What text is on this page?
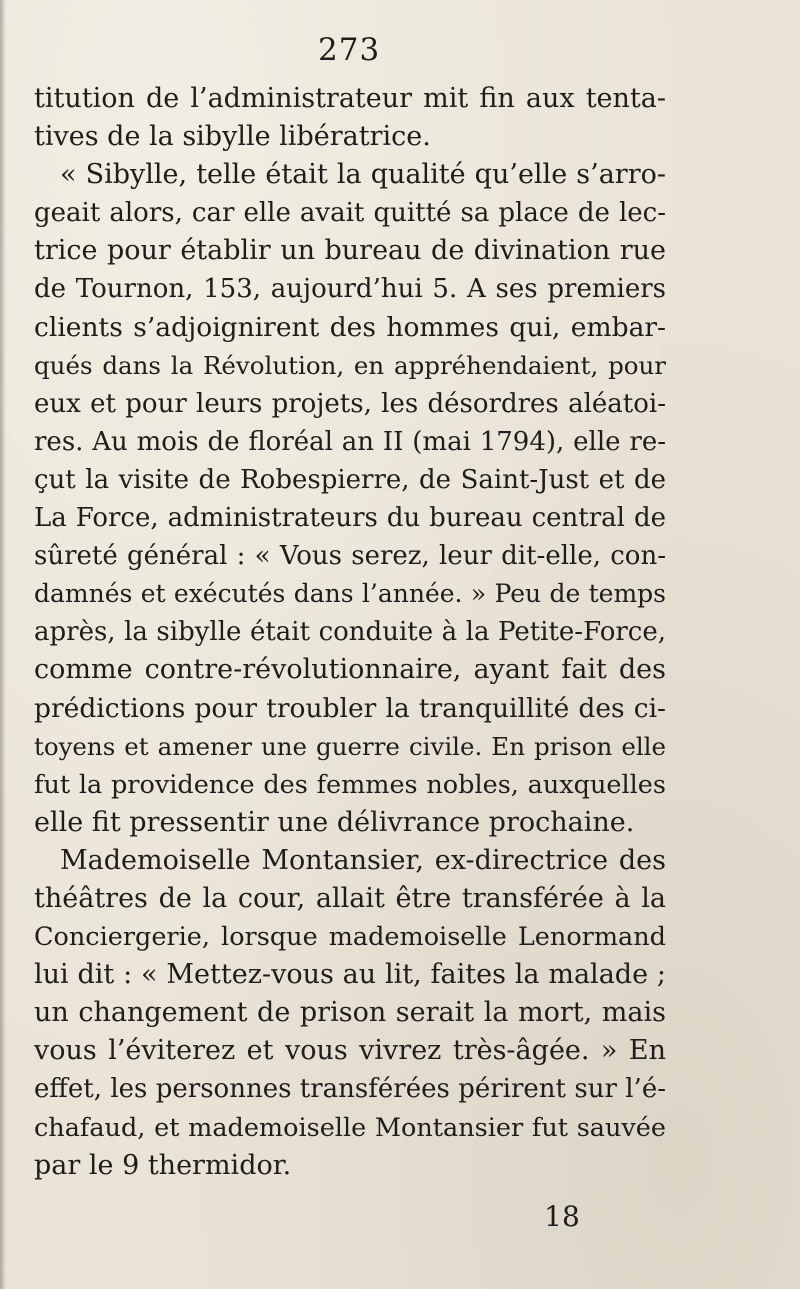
273
titution de l’administrateur mit fin aux tenta-
tives de la sibylle libératrice.
« Sibylle, telle était la qualité qu’elle s’arro-
geait alors, car elle avait quitté sa place de lec-
trice pour établir un bureau de divination rue
de Tournon, 153, aujourd’hui 5. A ses premiers
clients s’adjoignirent des hommes qui, embar-
qués dans la Révolution, en appréhendaient, pour
eux et pour leurs projets, les désordres aléatoi-
res. Au mois de floréal an II (mai 1794), elle re-
çut la visite de Robespierre, de Saint-Just et de
La Force, administrateurs du bureau central de
sûreté général : « Vous serez, leur dit-elle, con-
damnés et exécutés dans l’année. » Peu de temps
après, la sibylle était conduite à la Petite-Force,
comme contre-révolutionnaire, ayant fait des
prédictions pour troubler la tranquillité des ci-
toyens et amener une guerre civile. En prison elle
fut la providence des femmes nobles, auxquelles
elle fit pressentir une délivrance prochaine.
Mademoiselle Montansier, ex-directrice des
théâtres de la cour, allait être transférée à la
Conciergerie, lorsque mademoiselle Lenormand
lui dit : « Mettez-vous au lit, faites la malade ;
un changement de prison serait la mort, mais
vous l’éviterez et vous vivrez très-âgée. » En
effet, les personnes transférées périrent sur l’é-
chafaud, et mademoiselle Montansier fut sauvée
par le 9 thermidor.
18
